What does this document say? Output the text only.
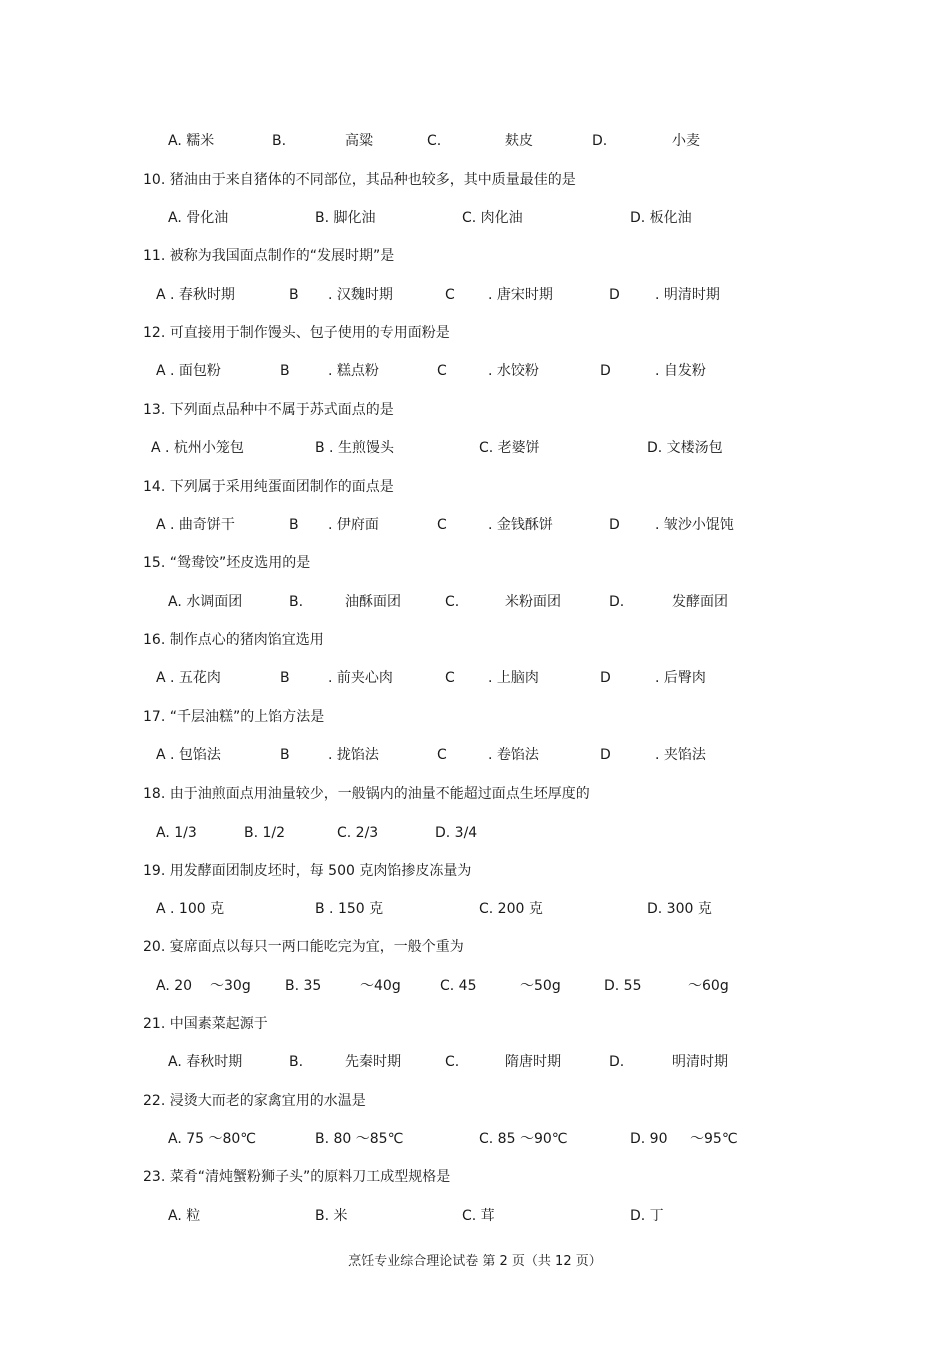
A. 糯米	B.	高粱	C.	麸皮	D.	小麦
10. 猪油由于来自猪体的不同部位，其品种也较多，其中质量最佳的是
A. 骨化油	B. 脚化油	C. 肉化油	D. 板化油
11. 被称为我国面点制作的“发展时期”是
A . 春秋时期	B . 汉魏时期	C . 唐宋时期	D	. 明清时期
12. 可直接用于制作馒头、包子使用的专用面粉是
A . 面包粉	B	. 糕点粉	C	. 水饺粉	D	. 自发粉
13. 下列面点品种中不属于苏式面点的是
A . 杭州小笼包	B . 生煎馒头	C. 老婆饼	D. 文楼汤包
14. 下列属于采用纯蛋面团制作的面点是
A . 曲奇饼干	B . 伊府面	C	. 金钱酥饼	D	. 皱沙小馄饨
15. “鸳鸯饺”坯皮选用的是
A. 水调面团	B.	油酥面团	C.	米粉面团	D.	发酵面团
16. 制作点心的猪肉馅宜选用
A . 五花肉	B	. 前夹心肉	C . 上脑肉	D	. 后臀肉
17. “千层油糕”的上馅方法是
A . 包馅法	B	. 拢馅法	C	. 卷馅法	D	. 夹馅法
18. 由于油煎面点用油量较少，一般锅内的油量不能超过面点生坯厚度的
A. 1/3	B. 1/2	C. 2/3	D. 3/4
19. 用发酵面团制皮坯时，每 500 克肉馅掺皮冻量为
A . 100 克	B . 150 克	C. 200 克	D. 300 克
20. 宴席面点以每只一两口能吃完为宜，一般个重为
A. 20 ～30g B. 35	～40g	C. 45	～50g	D. 55	～60g
21. 中国素菜起源于
A. 春秋时期	B.	先秦时期	C.	隋唐时期	D.	明清时期
22. 浸烫大而老的家禽宜用的水温是
A. 75 ～80℃	B. 80 ～85℃	C. 85 ～90℃	D. 90 ～95℃
23. 菜肴“清炖蟹粉狮子头”的原料刀工成型规格是
A. 粒	B. 米	C. 茸	D. 丁
烹饪专业综合理论试卷 第 2 页（共 12 页）
